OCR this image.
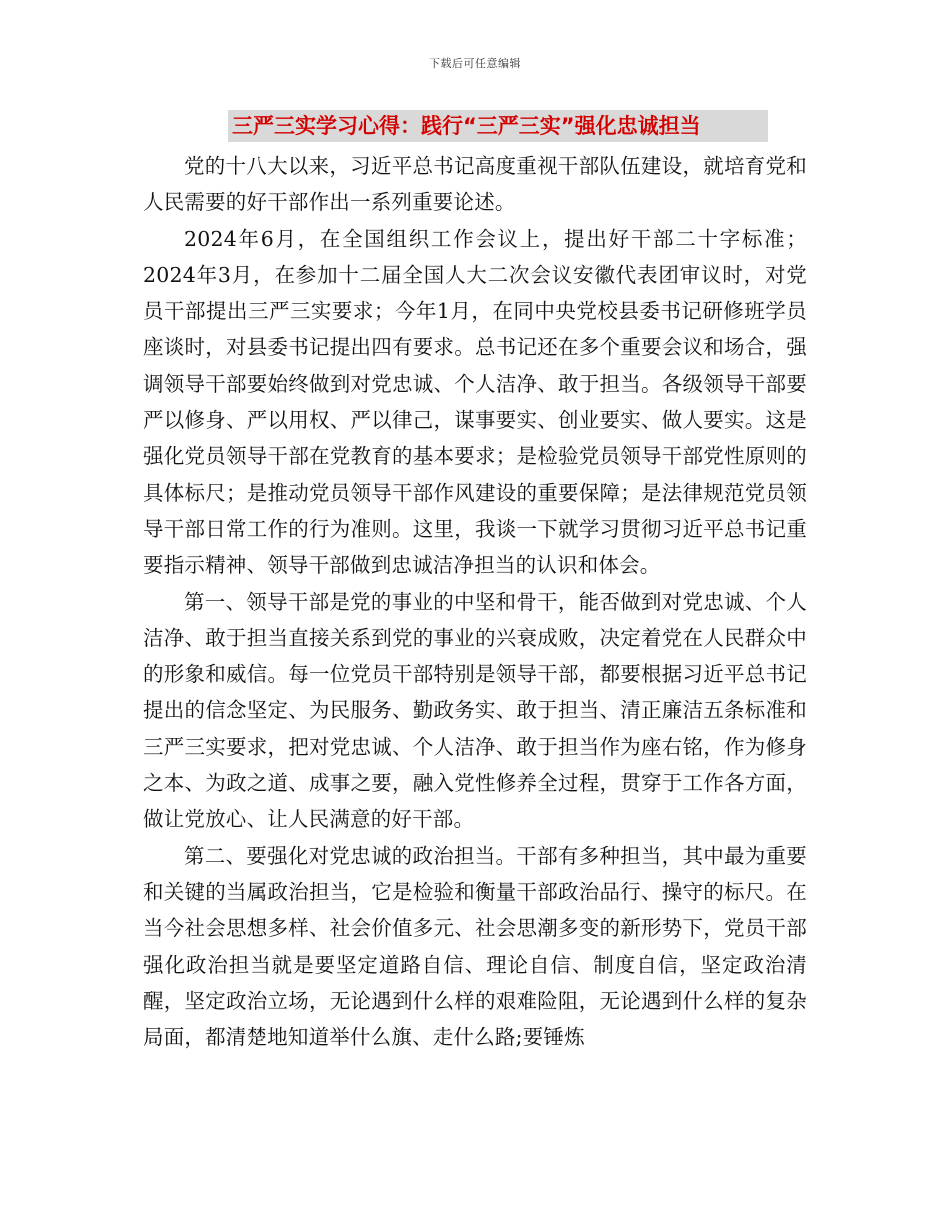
下载后可任意编辑
三严三实学习心得：践行“三严三实”强化忠诚担当

党的十八大以来，习近平总书记高度重视干部队伍建设，就培育党和人民需要的好干部作出一系列重要论述。

2024年6月，在全国组织工作会议上，提出好干部二十字标准；2024年3月，在参加十二届全国人大二次会议安徽代表团审议时，对党员干部提出三严三实要求；今年1月，在同中央党校县委书记研修班学员座谈时，对县委书记提出四有要求。总书记还在多个重要会议和场合，强调领导干部要始终做到对党忠诚、个人洁净、敢于担当。各级领导干部要严以修身、严以用权、严以律己，谋事要实、创业要实、做人要实。这是强化党员领导干部在党教育的基本要求；是检验党员领导干部党性原则的具体标尺；是推动党员领导干部作风建设的重要保障；是法律规范党员领导干部日常工作的行为准则。这里，我谈一下就学习贯彻习近平总书记重要指示精神、领导干部做到忠诚洁净担当的认识和体会。

第一、领导干部是党的事业的中坚和骨干，能否做到对党忠诚、个人洁净、敢于担当直接关系到党的事业的兴衰成败，决定着党在人民群众中的形象和威信。每一位党员干部特别是领导干部，都要根据习近平总书记提出的信念坚定、为民服务、勤政务实、敢于担当、清正廉洁五条标准和三严三实要求，把对党忠诚、个人洁净、敢于担当作为座右铭，作为修身之本、为政之道、成事之要，融入党性修养全过程，贯穿于工作各方面，做让党放心、让人民满意的好干部。

第二、要强化对党忠诚的政治担当。干部有多种担当，其中最为重要和关键的当属政治担当，它是检验和衡量干部政治品行、操守的标尺。在当今社会思想多样、社会价值多元、社会思潮多变的新形势下，党员干部强化政治担当就是要坚定道路自信、理论自信、制度自信，坚定政治清醒，坚定政治立场，无论遇到什么样的艰难险阻，无论遇到什么样的复杂局面，都清楚地知道举什么旗、走什么路;要锤炼
